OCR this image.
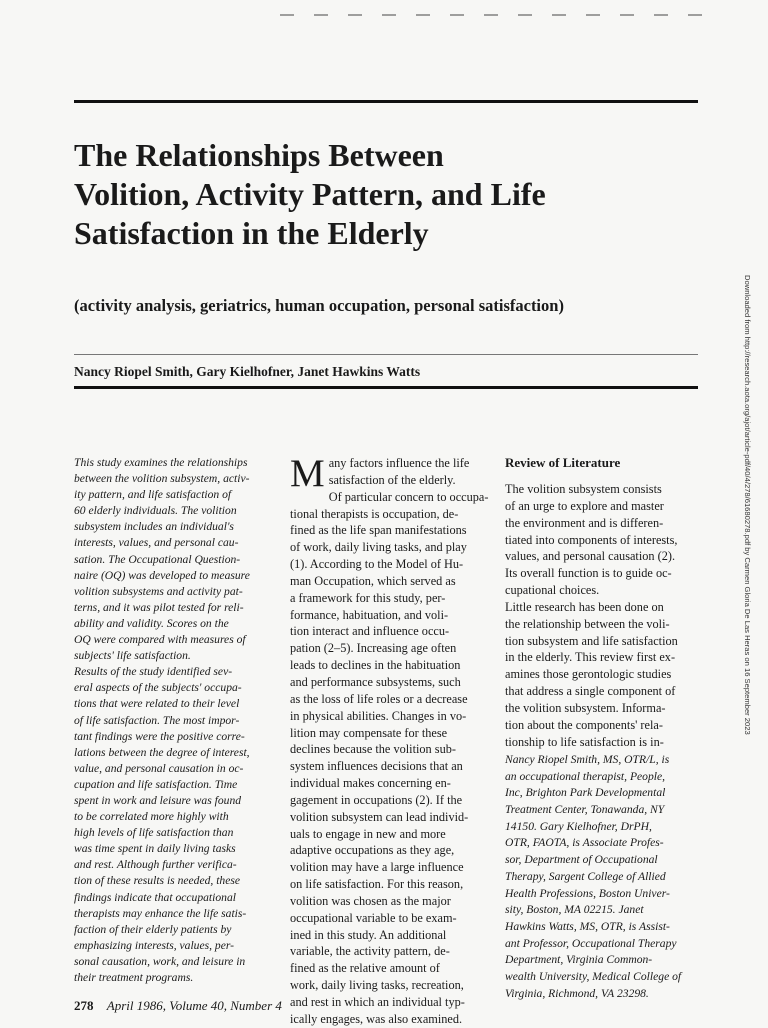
The Relationships Between
Volition, Activity Pattern, and Life
Satisfaction in the Elderly

(activity analysis, geriatrics, human occupation, personal satisfaction)

Nancy Riopel Smith, Gary Kielhofner, Janet Hawkins Watts	Downloaded from http://research.aota.org/ajot/article-pdf/40/4/278/61680278.pdf by Carmen Gloria De Las Heras on 16 September 2023
This study examines the relationships
between the volition subsystem, activ-
ity pattern, and life satisfaction of
60 elderly individuals. The volition
subsystem includes an individual's
interests, values, and personal cau-
sation. The Occupational Question-
naire (OQ) was developed to measure
volition subsystems and activity pat-
terns, and it was pilot tested for reli-
ability and validity. Scores on the
OQ were compared with measures of
subjects' life satisfaction.
Results of the study identified sev-
eral aspects of the subjects' occupa-
tions that were related to their level
of life satisfaction. The most impor-
tant findings were the positive corre-
lations between the degree of interest,
value, and personal causation in oc-
cupation and life satisfaction. Time
spent in work and leisure was found
to be correlated more highly with
high levels of life satisfaction than
was time spent in daily living tasks
and rest. Although further verifica-
tion of these results is needed, these
findings indicate that occupational
therapists may enhance the life satis-
faction of their elderly patients by
emphasizing interests, values, per-
sonal causation, work, and leisure in
their treatment programs.
M any factors influence the life
satisfaction of the elderly.
Of particular concern to occupa-
tional therapists is occupation, de-
fined as the life span manifestations
of work, daily living tasks, and play
(1). According to the Model of Hu-
man Occupation, which served as
a framework for this study, per-
formance, habituation, and voli-
tion interact and influence occu-
pation (2–5). Increasing age often
leads to declines in the habituation
and performance subsystems, such
as the loss of life roles or a decrease
in physical abilities. Changes in vo-
lition may compensate for these
declines because the volition sub-
system influences decisions that an
individual makes concerning en-
gagement in occupations (2). If the
volition subsystem can lead individ-
uals to engage in new and more
adaptive occupations as they age,
volition may have a large influence
on life satisfaction. For this reason,
volition was chosen as the major
occupational variable to be exam-
ined in this study. An additional
variable, the activity pattern, de-
fined as the relative amount of
work, daily living tasks, recreation,
and rest in which an individual typ-
ically engages, was also examined.
Review of Literature
The volition subsystem consists
of an urge to explore and master
the environment and is differen-
tiated into components of interests,
values, and personal causation (2).
Its overall function is to guide oc-
cupational choices.
Little research has been done on
the relationship between the voli-
tion subsystem and life satisfaction
in the elderly. This review first ex-
amines those gerontologic studies
that address a single component of
the volition subsystem. Informa-
tion about the components' rela-
tionship to life satisfaction is in-
Nancy Riopel Smith, MS, OTR/L, is
an occupational therapist, People,
Inc, Brighton Park Developmental
Treatment Center, Tonawanda, NY
14150. Gary Kielhofner, DrPH,
OTR, FAOTA, is Associate Profes-
sor, Department of Occupational
Therapy, Sargent College of Allied
Health Professions, Boston Univer-
sity, Boston, MA 02215. Janet
Hawkins Watts, MS, OTR, is Assist-
ant Professor, Occupational Therapy
Department, Virginia Common-
wealth University, Medical College of
Virginia, Richmond, VA 23298.
278 April 1986, Volume 40, Number 4
